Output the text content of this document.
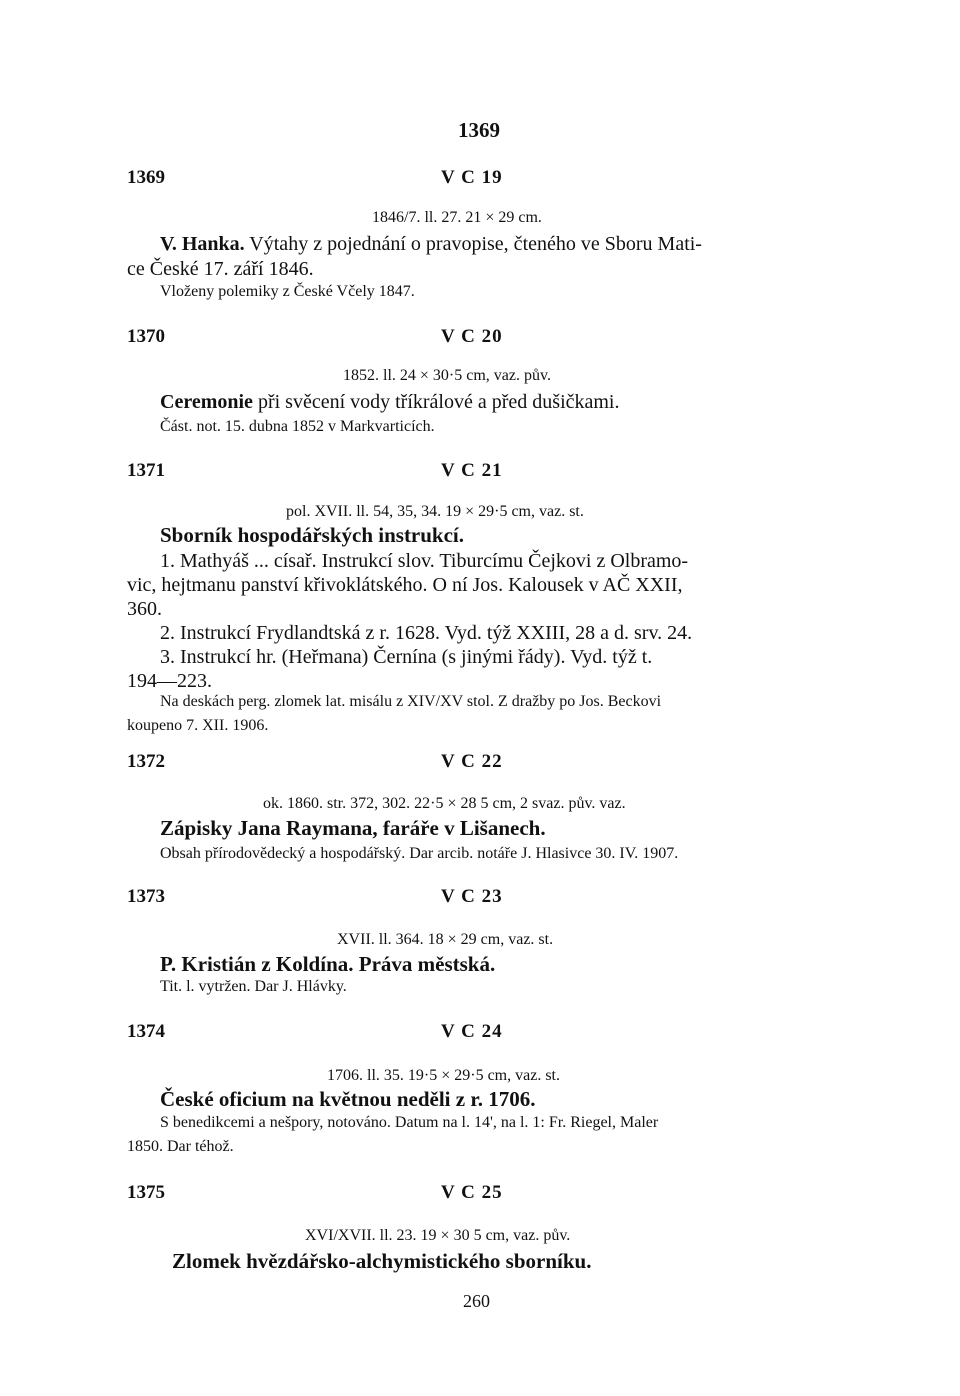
1369
1369	V C 19
1846/7. ll. 27. 21 × 29 cm.
V. Hanka. Výtahy z pojednání o pravopise, čteného ve Sboru Mati-
ce České 17. září 1846.
Vloženy polemiky z České Včely 1847.
1370	V C 20
1852. ll. 24 × 30·5 cm, vaz. pův.
Ceremonie při svěcení vody tříkrálové a před dušičkami.
Část. not. 15. dubna 1852 v Markvarticích.
1371	V C 21
pol. XVII. ll. 54, 35, 34. 19 × 29·5 cm, vaz. st.
Sborník hospodářských instrukcí.
1. Mathyáš ... císař. Instrukcí slov. Tiburcímu Čejkovi z Olbramo-
vic, hejtmanu panství křivoklátského. O ní Jos. Kalousek v AČ XXII,
360.
2. Instrukcí Frydlandtská z r. 1628. Vyd. týž XXIII, 28 a d. srv. 24.
3. Instrukcí hr. (Heřmana) Černína (s jinými řády). Vyd. týž t.
194—223.
Na deskách perg. zlomek lat. misálu z XIV/XV stol. Z dražby po Jos. Beckovi
koupeno 7. XII. 1906.
1372	V C 22
ok. 1860. str. 372, 302. 22·5 × 28 5 cm, 2 svaz. pův. vaz.
Zápisky Jana Raymana, faráře v Lišanech.
Obsah přírodovědecký a hospodářský. Dar arcib. notáře J. Hlasivce 30. IV. 1907.
1373	V C 23
XVII. ll. 364. 18 × 29 cm, vaz. st.
P. Kristián z Koldína. Práva městská.
Tit. l. vytržen. Dar J. Hlávky.
1374	V C 24
1706. ll. 35. 19·5 × 29·5 cm, vaz. st.
České oficium na květnou neděli z r. 1706.
S benedikcemi a nešpory, notováno. Datum na l. 14', na l. 1: Fr. Riegel, Maler
1850. Dar téhož.
1375	V C 25
XVI/XVII. ll. 23. 19 × 30 5 cm, vaz. pův.
Zlomek hvězdářsko-alchymistického sborníku.
260
